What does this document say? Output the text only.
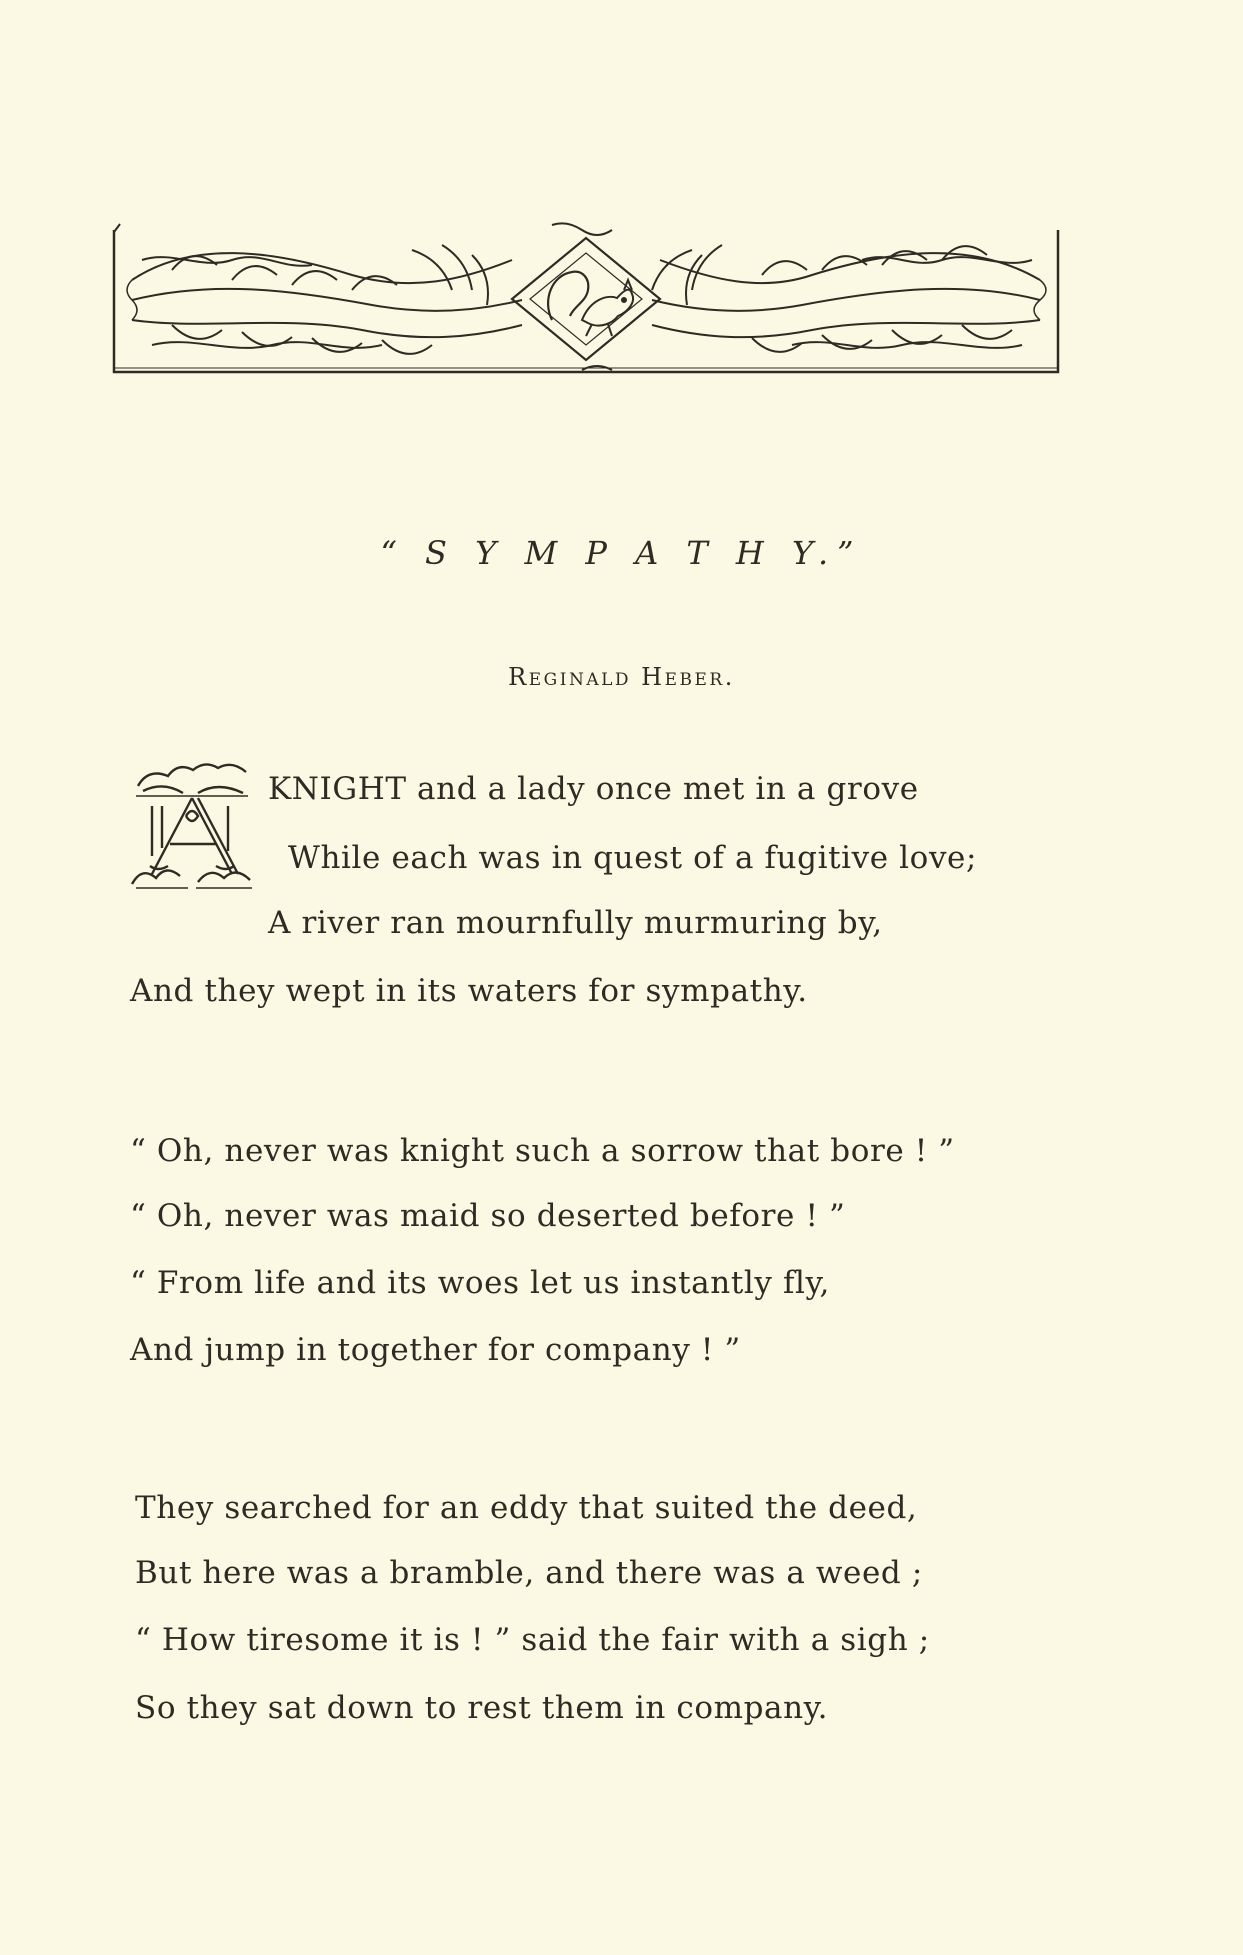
“ S Y M P A T H Y.”
Reginald Heber.
KNIGHT and a lady once met in a grove
While each was in quest of a fugitive love;
A river ran mournfully murmuring by,
And they wept in its waters for sympathy.
“ Oh, never was knight such a sorrow that bore ! ”
“ Oh, never was maid so deserted before ! ”
“ From life and its woes let us instantly fly,
And jump in together for company ! ”
They searched for an eddy that suited the deed,
But here was a bramble, and there was a weed ;
“ How tiresome it is ! ” said the fair with a sigh ;
So they sat down to rest them in company.
